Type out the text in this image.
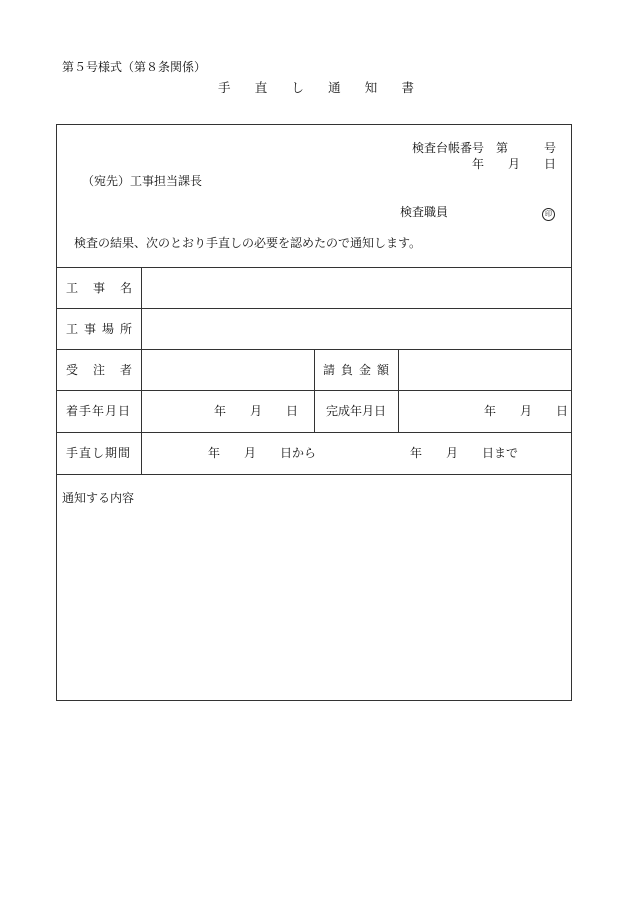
第５号様式（第８条関係）
手 直 し 通 知 書
検査台帳番号 第	号
年 月 日
（宛先）工事担当課長
検査職員	印
検査の結果、次のとおり手直しの必要を認めたので通知します。
工 事 名
工 事 場 所
受 注 者	請 負 金 額
着手年月日	年 月 日 完成年月日	年 月 日
手直し期間	年 月 日から	年 月 日まで
通知する内容
